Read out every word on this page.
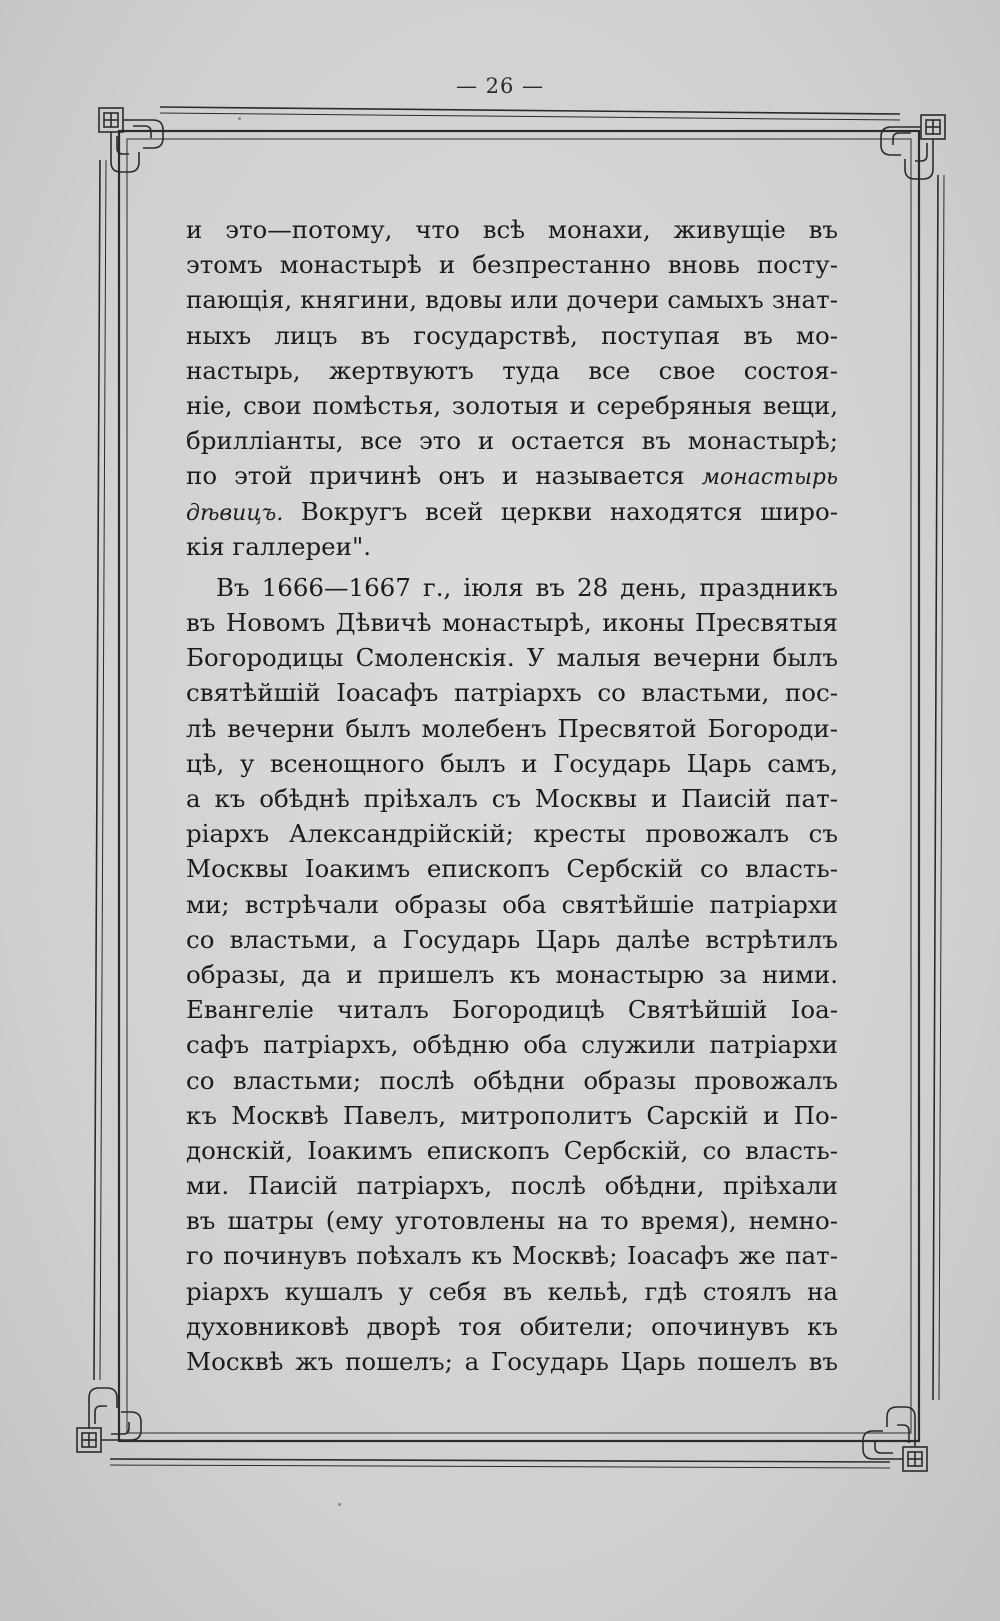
— 26 —
и это—потому, что всѣ монахи, живущіе въ
этомъ монастырѣ и безпрестанно вновь посту-
пающія, княгини, вдовы или дочери самыхъ знат-
ныхъ лицъ въ государствѣ, поступая въ мо-
настырь, жертвуютъ туда все свое состоя-
ніе, свои помѣстья, золотыя и серебряныя вещи,
бриллiанты, все это и остается въ монастырѣ;
по этой причинѣ онъ и называется монастырь
дѣвицъ. Вокругъ всей церкви находятся широ-
кія галлереи".
Въ 1666—1667 г., іюля въ 28 день, праздникъ
въ Новомъ Дѣвичѣ монастырѣ, иконы Пресвятыя
Богородицы Смоленскія. У малыя вечерни былъ
святѣйшій Іоасафъ патріархъ со властьми, пос-
лѣ вечерни былъ молебенъ Пресвятой Богороди-
цѣ, у всенощного былъ и Государь Царь самъ,
а къ обѣднѣ пріѣхалъ съ Москвы и Паисій пат-
ріархъ Александрійскій; кресты провожалъ съ
Москвы Іоакимъ епископъ Сербскій со власть-
ми; встрѣчали образы оба святѣйшіе патріархи
со властьми, а Государь Царь далѣе встрѣтилъ
образы, да и пришелъ къ монастырю за ними.
Евангеліе читалъ Богородицѣ Святѣйшій Іоа-
сафъ патріархъ, обѣдню оба служили патріархи
со властьми; послѣ обѣдни образы провожалъ
къ Москвѣ Павелъ, митрополитъ Сарскій и По-
донскій, Іоакимъ епископъ Сербскій, со власть-
ми. Паисій патріархъ, послѣ обѣдни, пріѣхали
въ шатры (ему уготовлены на то время), немно-
го починувъ поѣхалъ къ Москвѣ; Іоасафъ же пат-
ріархъ кушалъ у себя въ кельѣ, гдѣ стоялъ на
духовниковѣ дворѣ тоя обители; опочинувъ къ
Москвѣ жъ пошелъ; а Государь Царь пошелъ въ
